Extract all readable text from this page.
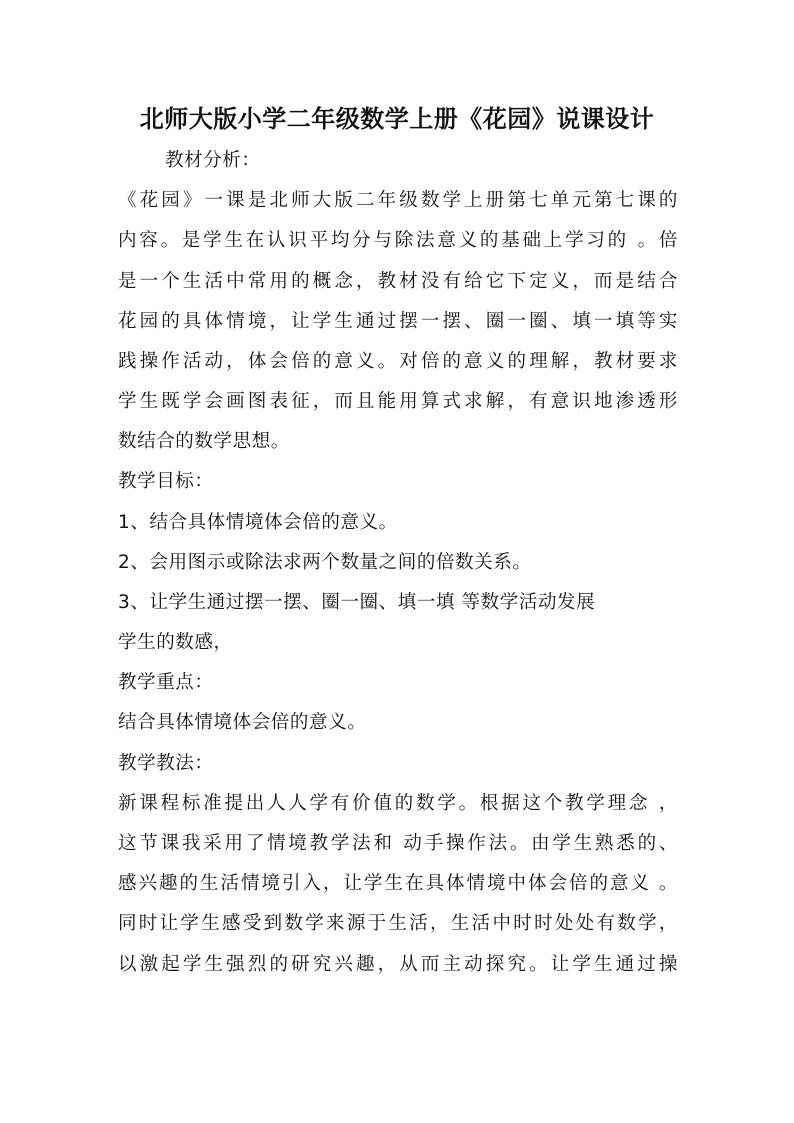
北师大版小学二年级数学上册《花园》说课设计
教材分析：
《花园》一课是北师大版二年级数学上册第七单元第七课的
内容。是学生在认识平均分与除法意义的基础上学习的 。倍
是一个生活中常用的概念，教材没有给它下定义，而是结合
花园的具体情境，让学生通过摆一摆、圈一圈、填一填等实
践操作活动，体会倍的意义。对倍的意义的理解，教材要求
学生既学会画图表征，而且能用算式求解，有意识地渗透形
数结合的数学思想。
教学目标：
1、结合具体情境体会倍的意义。
2、会用图示或除法求两个数量之间的倍数关系。
3、让学生通过摆一摆、圈一圈、填一填 等数学活动发展
学生的数感，
教学重点：
结合具体情境体会倍的意义。
教学教法：
新课程标准提出人人学有价值的数学。根据这个教学理念 ，
这节课我采用了情境教学法和 动手操作法。由学生熟悉的、
感兴趣的生活情境引入，让学生在具体情境中体会倍的意义 。
同时让学生感受到数学来源于生活，生活中时时处处有数学，
以激起学生强烈的研究兴趣，从而主动探究。让学生通过操
